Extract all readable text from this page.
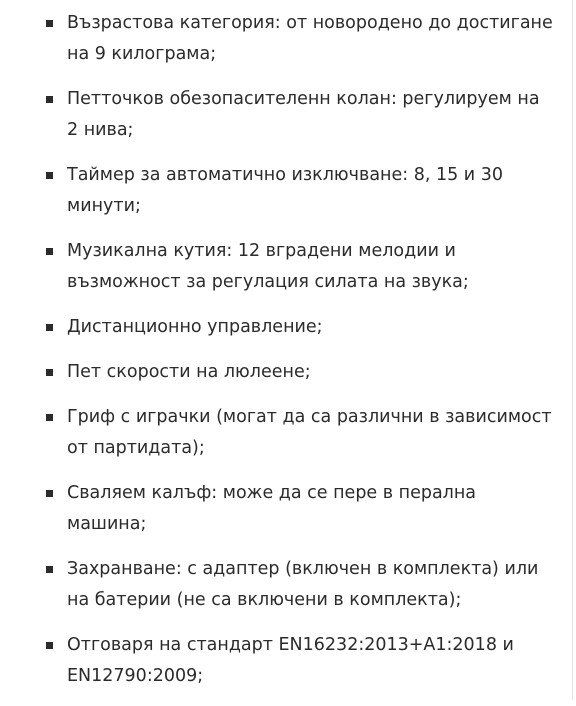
Възрастова категория: от новородено до достигане на 9 килограма;
Петточков обезопасителенн колан: регулируем на 2 нива;
Таймер за автоматично изключване: 8, 15 и 30 минути;
Музикална кутия: 12 вградени мелодии и възможност за регулация силата на звука;
Дистанционно управление;
Пет скорости на люлеене;
Гриф с играчки (могат да са различни в зависимост от партидата);
Сваляем калъф: може да се пере в перална машина;
Захранване: с адаптер (включен в комплекта) или на батерии (не са включени в комплекта);
Отговаря на стандарт EN16232:2013+A1:2018 и EN12790:2009;
